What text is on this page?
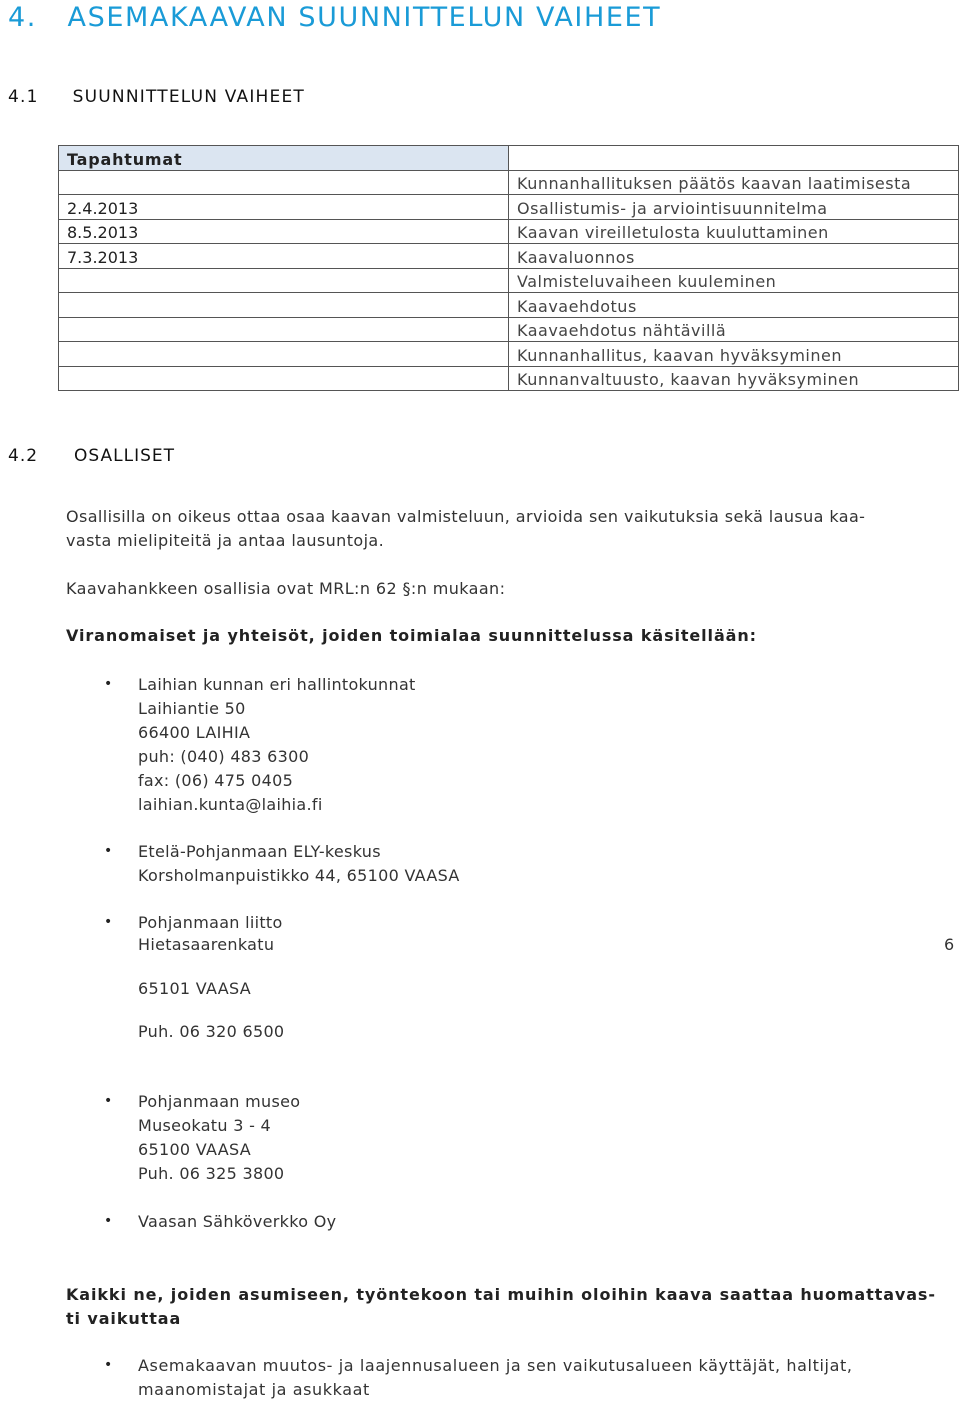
4. ASEMAKAAVAN SUUNNITTELUN VAIHEET
4.1 SUUNNITTELUN VAIHEET
Tapahtumat	
	Kunnanhallituksen päätös kaavan laatimisesta
2.4.2013	Osallistumis- ja arviointisuunnitelma
8.5.2013	Kaavan vireilletulosta kuuluttaminen
7.3.2013	Kaavaluonnos
	Valmisteluvaiheen kuuleminen
	Kaavaehdotus
	Kaavaehdotus nähtävillä
	Kunnanhallitus, kaavan hyväksyminen
	Kunnanvaltuusto, kaavan hyväksyminen
4.2 OSALLISET
Osallisilla on oikeus ottaa osaa kaavan valmisteluun, arvioida sen vaikutuksia sekä lausua kaa-
vasta mielipiteitä ja antaa lausuntoja.
Kaavahankkeen osallisia ovat MRL:n 62 §:n mukaan:
Viranomaiset ja yhteisöt, joiden toimialaa suunnittelussa käsitellään:
• Laihian kunnan eri hallintokunnat
Laihiantie 50
66400 LAIHIA
puh: (040) 483 6300
fax: (06) 475 0405
laihian.kunta@laihia.fi
• Etelä-Pohjanmaan ELY-keskus
Korsholmanpuistikko 44, 65100 VAASA
• Pohjanmaan liitto
Hietasaarenkatu	6
65101 VAASA
Puh. 06 320 6500
• Pohjanmaan museo
Museokatu 3 - 4
65100 VAASA
Puh. 06 325 3800
• Vaasan Sähköverkko Oy
Kaikki ne, joiden asumiseen, työntekoon tai muihin oloihin kaava saattaa huomattavas-
ti vaikuttaa
• Asemakaavan muutos- ja laajennusalueen ja sen vaikutusalueen käyttäjät, haltijat,
maanomistajat ja asukkaat
